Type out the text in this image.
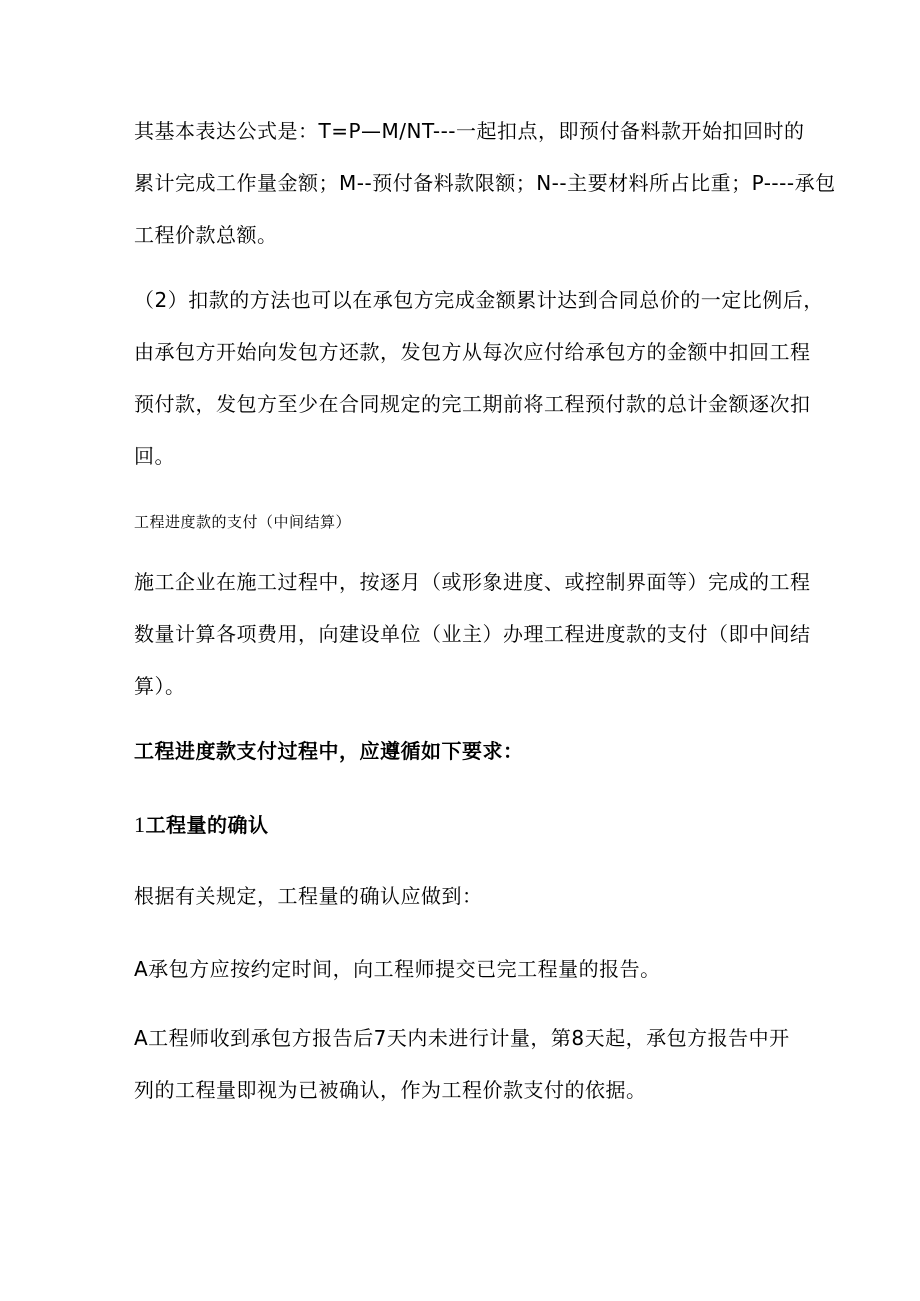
其基本表达公式是：T=P—M/NT---一起扣点，即预付备料款开始扣回时的
累计完成工作量金额；M--预付备料款限额；N--主要材料所占比重；P----承包
工程价款总额。

（2）扣款的方法也可以在承包方完成金额累计达到合同总价的一定比例后，
由承包方开始向发包方还款，发包方从每次应付给承包方的金额中扣回工程
预付款，发包方至少在合同规定的完工期前将工程预付款的总计金额逐次扣
回。

工程进度款的支付（中间结算）

施工企业在施工过程中，按逐月（或形象进度、或控制界面等）完成的工程
数量计算各项费用，向建设单位（业主）办理工程进度款的支付（即中间结
算）。

工程进度款支付过程中，应遵循如下要求：

1工程量的确认

根据有关规定，工程量的确认应做到：

A承包方应按约定时间，向工程师提交已完工程量的报告。

A工程师收到承包方报告后7天内未进行计量，第8天起，承包方报告中开
列的工程量即视为已被确认，作为工程价款支付的依据。
